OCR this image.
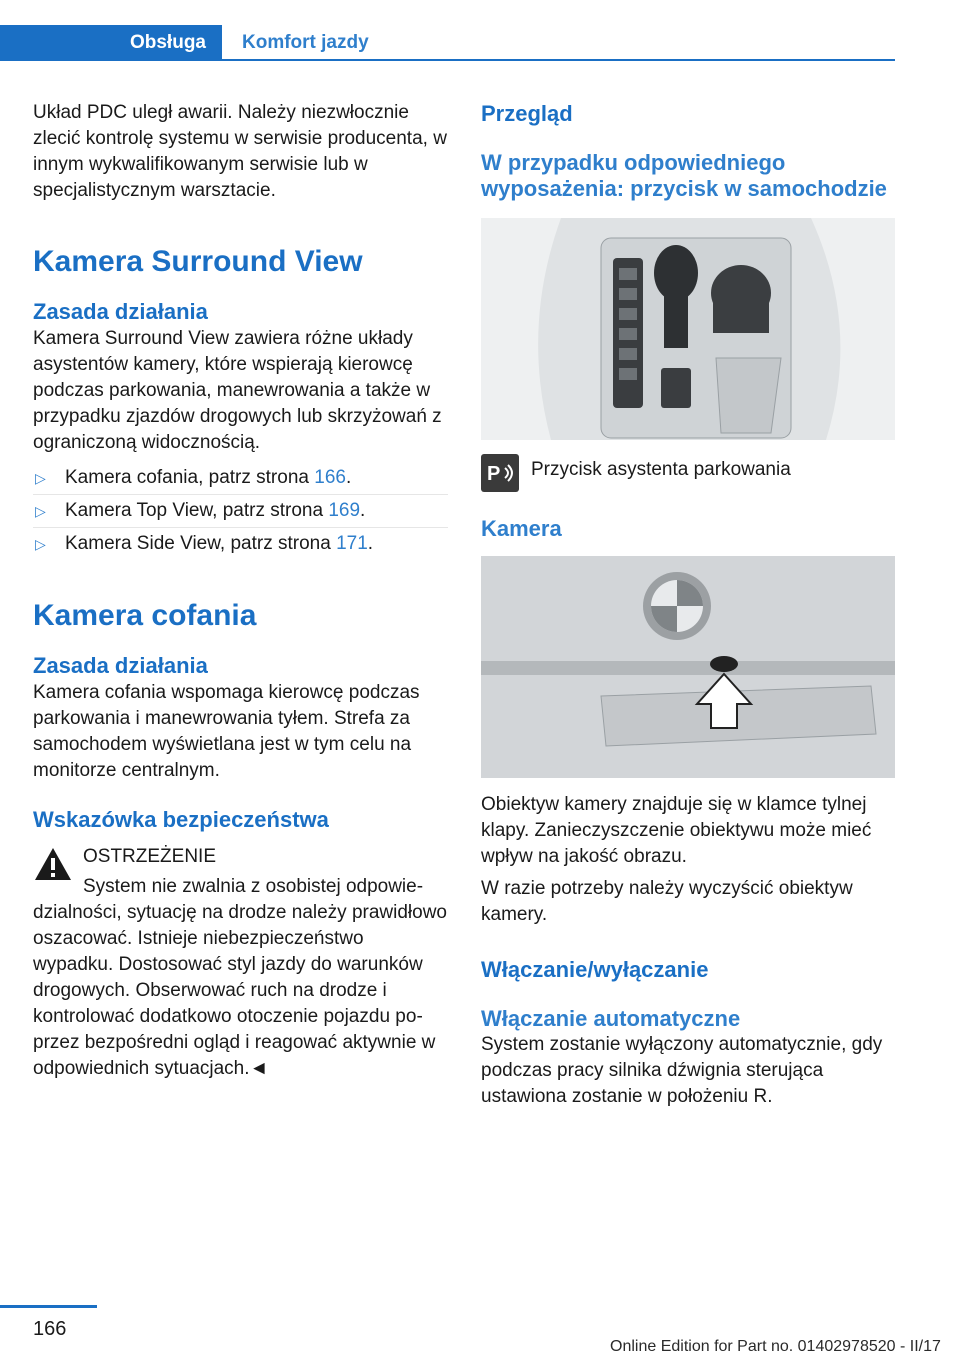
Obsługa Komfort jazdy

Układ PDC uległ awarii. Należy niezwłocznie zlecić kontrolę systemu w serwisie producenta, w innym wykwalifikowanym serwisie lub w specjalistycznym warsztacie.

Kamera Surround View
Zasada działania

Kamera Surround View zawiera różne układy asystentów kamery, które wspierają kierowcę podczas parkowania, manewrowania a także w przypadku zjazdów drogowych lub skrzyżowań z ograniczoną widocznością.

▷ Kamera cofania, patrz strona 166.
▷ Kamera Top View, patrz strona 169.
▷ Kamera Side View, patrz strona 171.
Kamera cofania
Zasada działania

Kamera cofania wspomaga kierowcę podczas parkowania i manewrowania tyłem. Strefa za samochodem wyświetlana jest w tym celu na monitorze centralnym.

Wskazówka bezpieczeństwa

OSTRZEŻENIE

System nie zwalnia z osobistej odpowiedzialności, sytuację na drodze należy prawidłowo oszacować. Istnieje niebezpieczeństwo wypadku. Dostosować styl jazdy do warunków drogowych. Obserwować ruch na drodze i kontrolować dodatkowo otoczenie pojazdu poprzez bezpośredni ogląd i reagować aktywnie w odpowiednich sytuacjach.◄

Przegląd
W przypadku odpowiedniego wyposażenia: przycisk w samochodzie
P Przycisk asystenta parkowania

Kamera

Obiektyw kamery znajduje się w klamce tylnej klapy. Zanieczyszczenie obiektywu może mieć wpływ na jakość obrazu.

W razie potrzeby należy wyczyścić obiektyw kamery.

Włączanie/wyłączanie
Włączanie automatyczne

System zostanie wyłączony automatycznie, gdy podczas pracy silnika dźwignia sterująca ustawiona zostanie w położeniu R.

166
Online Edition for Part no. 01402978520 - II/17
